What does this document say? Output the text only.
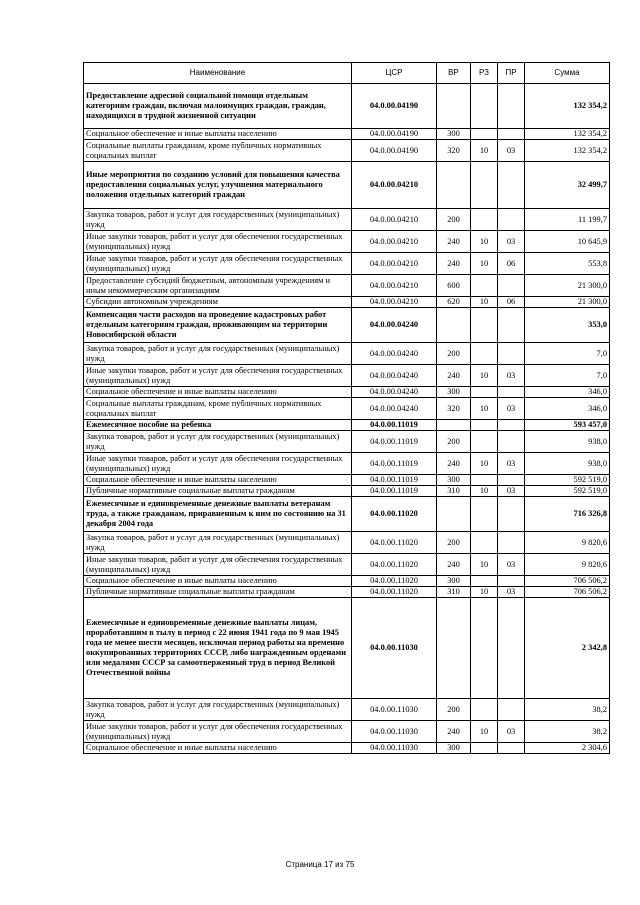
Наименование	ЦСР	ВР	РЗ	ПР	Сумма
Предоставление адресной социальной помощи отдельным категориям граждан, включая малоимущих граждан, граждан, находящихся в трудной жизненной ситуации	04.0.00.04190				132 354,2
Социальное обеспечение и иные выплаты населению	04.0.00.04190	300			132 354,2
Социальные выплаты гражданам, кроме публичных нормативных социальных выплат	04.0.00.04190	320	10	03	132 354,2
Иные мероприятия по созданию условий для повышения качества предоставления социальных услуг, улучшения материального положения отдельных категорий граждан	04.0.00.04210				32 499,7
Закупка товаров, работ и услуг для государственных (муниципальных) нужд	04.0.00.04210	200			11 199,7
Иные закупки товаров, работ и услуг для обеспечения государственных (муниципальных) нужд	04.0.00.04210	240	10	03	10 645,9
Иные закупки товаров, работ и услуг для обеспечения государственных (муниципальных) нужд	04.0.00.04210	240	10	06	553,8
Предоставление субсидий бюджетным, автономным учреждениям и иным некоммерческим организациям	04.0.00.04210	600			21 300,0
Субсидии автономным учреждениям	04.0.00.04210	620	10	06	21 300,0
Компенсация части расходов на проведение кадастровых работ отдельным категориям граждан, проживающим на территории Новосибирской области	04.0.00.04240				353,0
Закупка товаров, работ и услуг для государственных (муниципальных) нужд	04.0.00.04240	200			7,0
Иные закупки товаров, работ и услуг для обеспечения государственных (муниципальных) нужд	04.0.00.04240	240	10	03	7,0
Социальное обеспечение и иные выплаты населению	04.0.00.04240	300			346,0
Социальные выплаты гражданам, кроме публичных нормативных социальных выплат	04.0.00.04240	320	10	03	346,0
Ежемесячное пособие на ребенка	04.0.00.11019				593 457,0
Закупка товаров, работ и услуг для государственных (муниципальных) нужд	04.0.00.11019	200			938,0
Иные закупки товаров, работ и услуг для обеспечения государственных (муниципальных) нужд	04.0.00.11019	240	10	03	938,0
Социальное обеспечение и иные выплаты населению	04.0.00.11019	300			592 519,0
Публичные нормативные социальные выплаты гражданам	04.0.00.11019	310	10	03	592 519,0
Ежемесячные и единовременные денежные выплаты ветеранам труда, а также гражданам, приравненным к ним по состоянию на 31 декабря 2004 года	04.0.00.11020				716 326,8
Закупка товаров, работ и услуг для государственных (муниципальных) нужд	04.0.00.11020	200			9 820,6
Иные закупки товаров, работ и услуг для обеспечения государственных (муниципальных) нужд	04.0.00.11020	240	10	03	9 820,6
Социальное обеспечение и иные выплаты населению	04.0.00.11020	300			706 506,2
Публичные нормативные социальные выплаты гражданам	04.0.00.11020	310	10	03	706 506,2
Ежемесячные и единовременные денежные выплаты лицам, проработавшим в тылу в период с 22 июня 1941 года по 9 мая 1945 года не менее шести месяцев, исключая период работы на временно оккупированных территориях СССР, либо награжденным орденами или медалями СССР за самоотверженный труд в период Великой Отечественной войны	04.0.00.11030				2 342,8
Закупка товаров, работ и услуг для государственных (муниципальных) нужд	04.0.00.11030	200			38,2
Иные закупки товаров, работ и услуг для обеспечения государственных (муниципальных) нужд	04.0.00.11030	240	10	03	38,2
Социальное обеспечение и иные выплаты населению	04.0.00.11030	300			2 304,6
Страница 17 из 75
